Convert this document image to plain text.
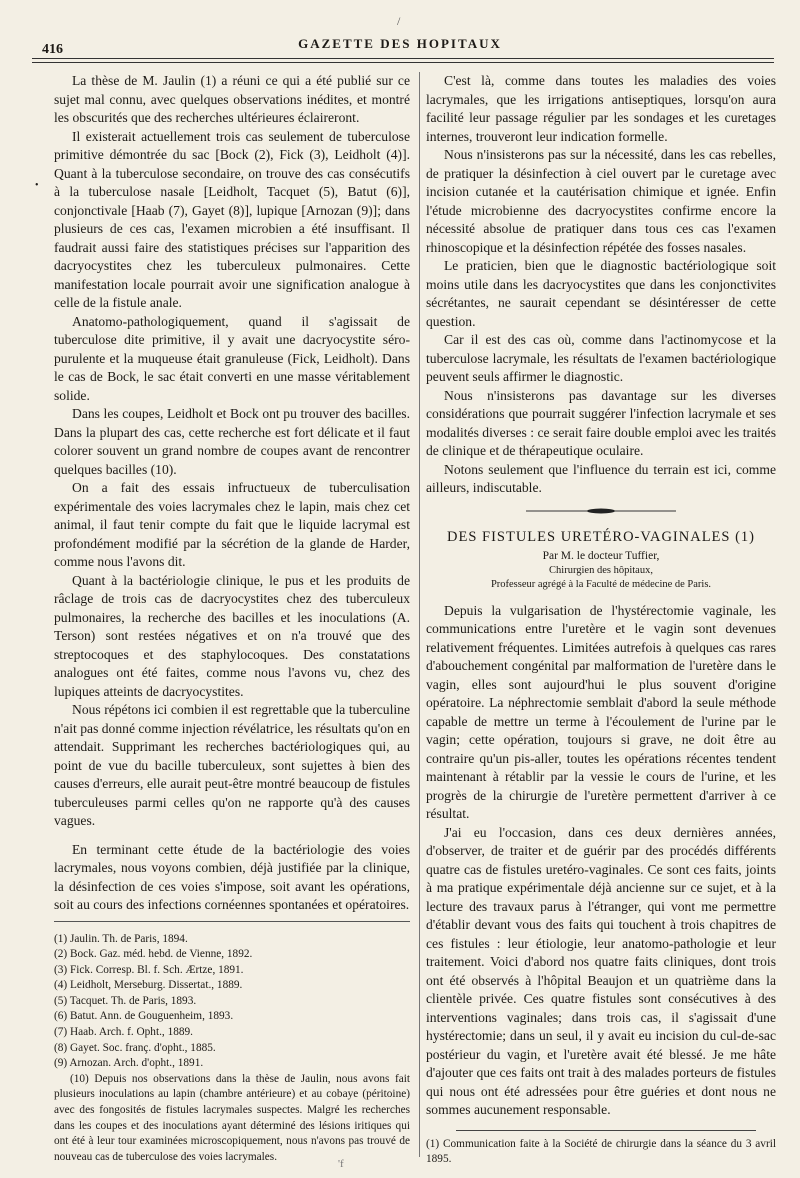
/
416	GAZETTE DES HOPITAUX
•

La thèse de M. Jaulin (1) a réuni ce qui a été publié sur ce sujet mal connu, avec quelques observations inédites, et montré les obscurités que des recherches ultérieures éclaireront.

Il existerait actuellement trois cas seulement de tuberculose primitive démontrée du sac [Bock (2), Fick (3), Leidholt (4)]. Quant à la tuberculose secondaire, on trouve des cas consécutifs à la tuberculose nasale [Leidholt, Tacquet (5), Batut (6)], conjonctivale [Haab (7), Gayet (8)], lupique [Arnozan (9)]; dans plusieurs de ces cas, l'examen microbien a été insuffisant. Il faudrait aussi faire des statistiques précises sur l'apparition des dacryocystites chez les tuberculeux pulmonaires. Cette manifestation locale pourrait avoir une signification analogue à celle de la fistule anale.

Anatomo-pathologiquement, quand il s'agissait de tuberculose dite primitive, il y avait une dacryocystite séro-purulente et la muqueuse était granuleuse (Fick, Leidholt). Dans le cas de Bock, le sac était converti en une masse véritablement solide.

Dans les coupes, Leidholt et Bock ont pu trouver des bacilles. Dans la plupart des cas, cette recherche est fort délicate et il faut colorer souvent un grand nombre de coupes avant de rencontrer quelques bacilles (10).

On a fait des essais infructueux de tuberculisation expérimentale des voies lacrymales chez le lapin, mais chez cet animal, il faut tenir compte du fait que le liquide lacrymal est profondément modifié par la sécrétion de la glande de Harder, comme nous l'avons dit.

Quant à la bactériologie clinique, le pus et les produits de râclage de trois cas de dacryocystites chez des tuberculeux pulmonaires, la recherche des bacilles et les inoculations (A. Terson) sont restées négatives et on n'a trouvé que des streptocoques et des staphylocoques. Des constatations analogues ont été faites, comme nous l'avons vu, chez des lupiques atteints de dacryocystites.

Nous répétons ici combien il est regrettable que la tuberculine n'ait pas donné comme injection révélatrice, les résultats qu'on en attendait. Supprimant les recherches bactériologiques qui, au point de vue du bacille tuberculeux, sont sujettes à bien des causes d'erreurs, elle aurait peut-être montré beaucoup de fistules tuberculeuses parmi celles qu'on ne rapporte qu'à des causes vagues.

En terminant cette étude de la bactériologie des voies lacrymales, nous voyons combien, déjà justifiée par la clinique, la désinfection de ces voies s'impose, soit avant les opérations, soit au cours des infections cornéennes spontanées et opératoires.

(1) Jaulin. Th. de Paris, 1894.
(2) Bock. Gaz. méd. hebd. de Vienne, 1892.
(3) Fick. Corresp. Bl. f. Sch. Ærtze, 1891.
(4) Leidholt, Merseburg. Dissertat., 1889.
(5) Tacquet. Th. de Paris, 1893.
(6) Batut. Ann. de Gouguenheim, 1893.
(7) Haab. Arch. f. Opht., 1889.
(8) Gayet. Soc. franç. d'opht., 1885.
(9) Arnozan. Arch. d'opht., 1891.
(10) Depuis nos observations dans la thèse de Jaulin, nous avons fait plusieurs inoculations au lapin (chambre antérieure) et au cobaye (péritoine) avec des fongosités de fistules lacrymales suspectes. Malgré les recherches dans les coupes et des inoculations ayant déterminé des lésions iritiques qui ont été à leur tour examinées microscopiquement, nous n'avons pas trouvé de nouveau cas de tuberculose des voies lacrymales.

C'est là, comme dans toutes les maladies des voies lacrymales, que les irrigations antiseptiques, lorsqu'on aura facilité leur passage régulier par les sondages et les curetages internes, trouveront leur indication formelle.

Nous n'insisterons pas sur la nécessité, dans les cas rebelles, de pratiquer la désinfection à ciel ouvert par le curetage avec incision cutanée et la cautérisation chimique et ignée. Enfin l'étude microbienne des dacryocystites confirme encore la nécessité absolue de pratiquer dans tous ces cas l'examen rhinoscopique et la désinfection répétée des fosses nasales.

Le praticien, bien que le diagnostic bactériologique soit moins utile dans les dacryocystites que dans les conjonctivites sécrétantes, ne saurait cependant se désintéresser de cette question.

Car il est des cas où, comme dans l'actinomycose et la tuberculose lacrymale, les résultats de l'examen bactériologique peuvent seuls affirmer le diagnostic.

Nous n'insisterons pas davantage sur les diverses considérations que pourrait suggérer l'infection lacrymale et ses modalités diverses : ce serait faire double emploi avec les traités de clinique et de thérapeutique oculaire.

Notons seulement que l'influence du terrain est ici, comme ailleurs, indiscutable.

DES FISTULES URETÉRO-VAGINALES (1)
Par M. le docteur Tuffier,
Chirurgien des hôpitaux,
Professeur agrégé à la Faculté de médecine de Paris.

Depuis la vulgarisation de l'hystérectomie vaginale, les communications entre l'uretère et le vagin sont devenues relativement fréquentes. Limitées autrefois à quelques cas rares d'abouchement congénital par malformation de l'uretère dans le vagin, elles sont aujourd'hui le plus souvent d'origine opératoire. La néphrectomie semblait d'abord la seule méthode capable de mettre un terme à l'écoulement de l'urine par le vagin; cette opération, toujours si grave, ne doit être au contraire qu'un pis-aller, toutes les opérations récentes tendent maintenant à rétablir par la vessie le cours de l'urine, et les progrès de la chirurgie de l'uretère permettent d'arriver à ce résultat.

J'ai eu l'occasion, dans ces deux dernières années, d'observer, de traiter et de guérir par des procédés différents quatre cas de fistules uretéro-vaginales. Ce sont ces faits, joints à ma pratique expérimentale déjà ancienne sur ce sujet, et à la lecture des travaux parus à l'étranger, qui vont me permettre d'établir devant vous des faits qui touchent à trois chapitres de ces fistules : leur étiologie, leur anatomo-pathologie et leur traitement. Voici d'abord nos quatre faits cliniques, dont trois ont été observés à l'hôpital Beaujon et un quatrième dans la clientèle privée. Ces quatre fistules sont consécutives à des interventions vaginales; dans trois cas, il s'agissait d'une hystérectomie; dans un seul, il y avait eu incision du cul-de-sac postérieur du vagin, et l'uretère avait été blessé. Je me hâte d'ajouter que ces faits ont trait à des malades porteurs de fistules qui nous ont été adressées pour être guéries et dont nous ne sommes aucunement responsable.

(1) Communication faite à la Société de chirurgie dans la séance du 3 avril 1895.
'f
